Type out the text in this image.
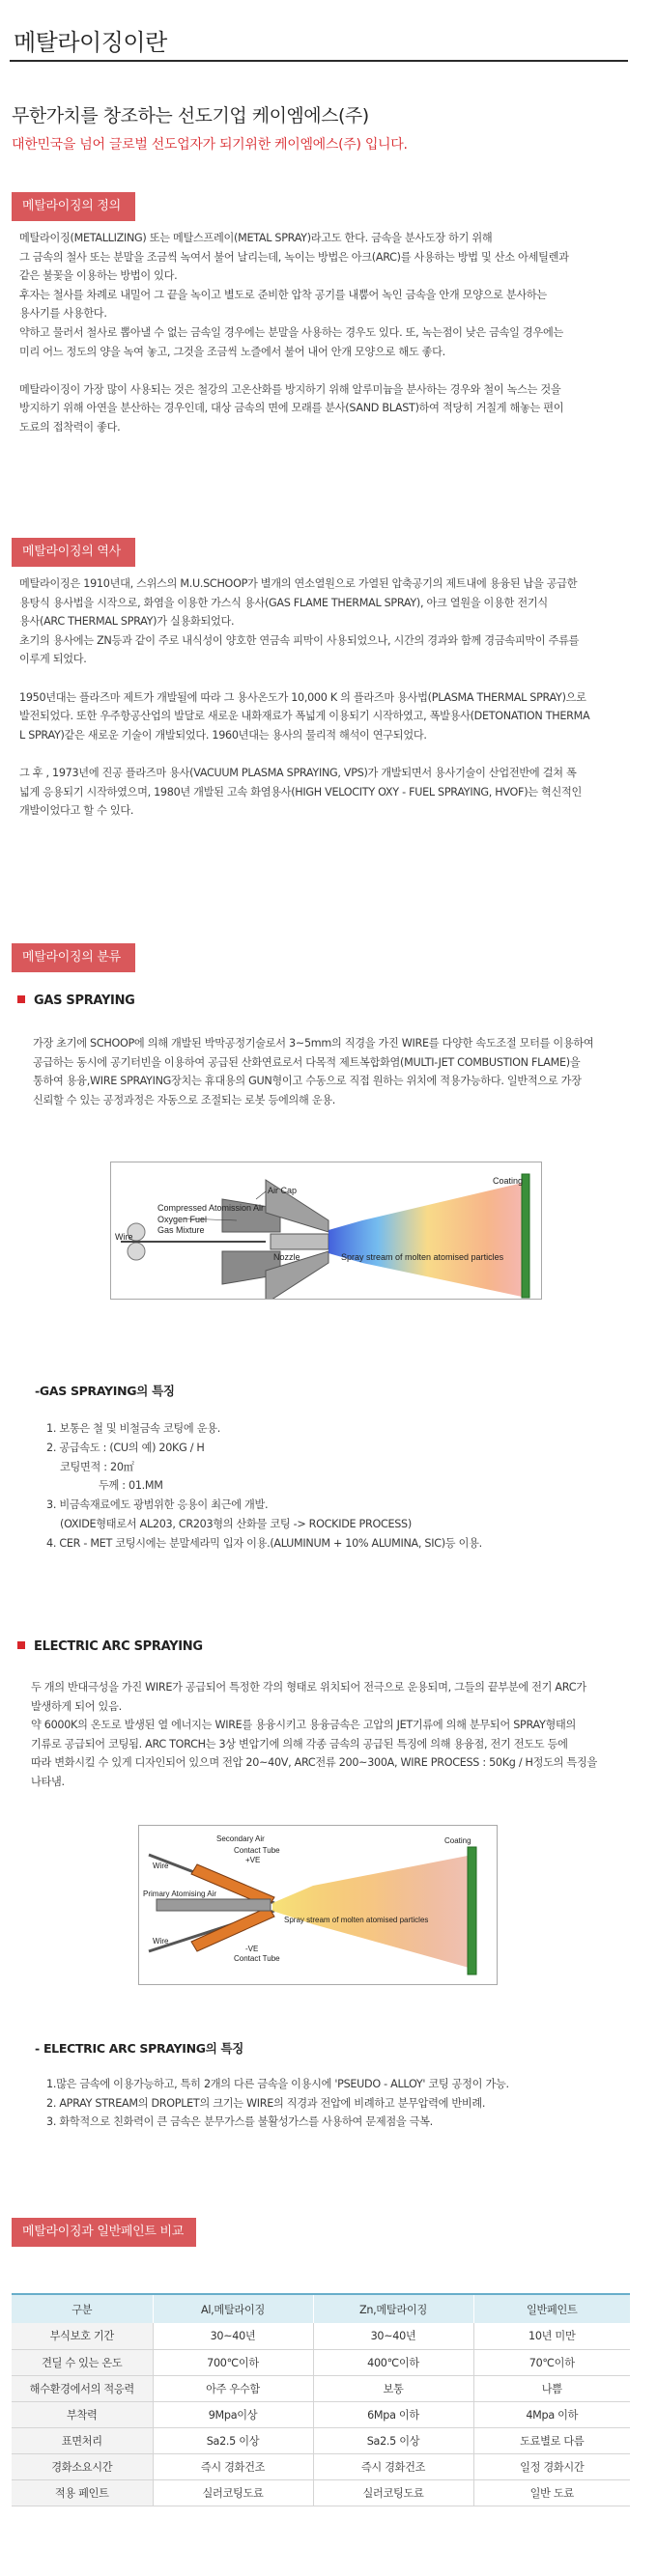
메탈라이징이란
무한가치를 창조하는 선도기업 케이엠에스(주)
대한민국을 넘어 글로벌 선도업자가 되기위한 케이엠에스(주) 입니다.
메탈라이징의 정의

메탈라이징(METALLIZING) 또는 메탈스프레이(METAL SPRAY)라고도 한다. 금속을 분사도장 하기 위해

그 금속의 철사 또는 분말을 조금씩 녹여서 불어 날리는데, 녹이는 방법은 아크(ARC)를 사용하는 방법 및 산소 아세틸렌과

같은 불꽃을 이용하는 방법이 있다.

후자는 철사를 차례로 내밀어 그 끝을 녹이고 별도로 준비한 압착 공기를 내뿜어 녹인 금속을 안개 모양으로 분사하는

용사기를 사용한다.

약하고 물러서 철사로 뽑아낼 수 없는 금속일 경우에는 분말을 사용하는 경우도 있다. 또, 녹는점이 낮은 금속일 경우에는

미리 어느 정도의 양을 녹여 놓고, 그것을 조금씩 노즐에서 불어 내어 안개 모양으로 해도 좋다.

메탈라이징이 가장 많이 사용되는 것은 철강의 고온산화를 방지하기 위해 알루미늄을 분사하는 경우와 철이 녹스는 것을

방지하기 위해 아연을 분산하는 경우인데, 대상 금속의 면에 모래를 분사(SAND BLAST)하여 적당히 거칠게 해놓는 편이

도료의 접착력이 좋다.

메탈라이징의 역사

메탈라이징은 1910년대, 스위스의 M.U.SCHOOP가 별개의 연소열원으로 가열된 압축공기의 제트내에 용융된 납을 공급한

용탕식 용사법을 시작으로, 화염을 이용한 가스식 용사(GAS FLAME THERMAL SPRAY), 아크 열원을 이용한 전기식

용사(ARC THERMAL SPRAY)가 실용화되었다.

초기의 용사에는 ZN등과 같이 주로 내식성이 양호한 연금속 피막이 사용되었으나, 시간의 경과와 함께 경금속피막이 주류를

이루게 되었다.

1950년대는 플라즈마 제트가 개발될에 따라 그 용사온도가 10,000 K 의 플라즈마 용사법(PLASMA THERMAL SPRAY)으로

발전되었다. 또한 우주항공산업의 발달로 새로운 내화재료가 폭넓게 이용되기 시작하였고, 폭발용사(DETONATION THERMA

L SPRAY)같은 새로운 기술이 개발되었다. 1960년대는 용사의 물리적 해석이 연구되었다.

그 후 , 1973년에 진공 플라즈마 용사(VACUUM PLASMA SPRAYING, VPS)가 개발되면서 용사기술이 산업전반에 걸쳐 폭

넓게 응용되기 시작하였으며, 1980년 개발된 고속 화염용사(HIGH VELOCITY OXY - FUEL SPRAYING, HVOF)는 혁신적인

개발이었다고 할 수 있다.

메탈라이징의 분류
GAS SPRAYING

가장 초기에 SCHOOP에 의해 개발된 박막공정기술로서 3~5mm의 직경을 가진 WIRE를 다양한 속도조절 모터를 이용하여

공급하는 동시에 공기터빈을 이용하여 공급된 산화연료로서 다목적 제트복합화염(MULTI-JET COMBUSTION FLAME)을

통하여 용융,WIRE SPRAYING장치는 휴대용의 GUN형이고 수동으로 직접 원하는 위치에 적용가능하다. 일반적으로 가장

신뢰할 수 있는 공정과정은 자동으로 조절되는 로봇 등에의해 운용.

Air Cap
Compressed Atomission Air
Oxygen Fuel
Gas Mixture
Wire
Nozzle
Coating
Spray stream of molten atomised particles
-GAS SPRAYING의 특징

1. 보통은 철 및 비철금속 코팅에 운용.

2. 공급속도 : (CU의 예) 20KG / H

코팅면적 : 20㎡

두께 : 01.MM

3. 비금속재료에도 광범위한 응용이 최근에 개발.

(OXIDE형태로서 AL203, CR203형의 산화물 코팅 -> ROCKIDE PROCESS)

4. CER - MET 코팅시에는 분말세라믹 입자 이용.(ALUMINUM + 10% ALUMINA, SIC)등 이용.

ELECTRIC ARC SPRAYING

두 개의 반대극성을 가진 WIRE가 공급되어 특정한 각의 형태로 위치되어 전극으로 운용되며, 그들의 끝부분에 전기 ARC가

발생하게 되어 있음.

약 6000K의 온도로 발생된 열 에너지는 WIRE를 용융시키고 용융금속은 고압의 JET기류에 의해 분무되어 SPRAY형태의

기류로 공급되어 코팅됨. ARC TORCH는 3상 변압기에 의해 각종 금속의 공급된 특징에 의해 용융점, 전기 전도도 등에

따라 변화시킬 수 있게 디자인되어 있으며 전압 20~40V, ARC전류 200~300A, WIRE PROCESS : 50Kg / H정도의 특징을

나타냄.

Secondary Air
Contact Tube
+VE
Wire
Primary Atomising Air
Wire
-VE
Contact Tube
Coating
Spray stream of molten atomised particles
- ELECTRIC ARC SPRAYING의 특징

1.많은 금속에 이용가능하고, 특히 2개의 다른 금속을 이용시에 'PSEUDO - ALLOY' 코팅 공정이 가능.

2. APRAY STREAM의 DROPLET의 크기는 WIRE의 직경과 전압에 비례하고 분무압력에 반비례.

3. 화학적으로 친화력이 큰 금속은 분무가스를 불활성가스를 사용하여 문제점을 극복.

메탈라이징과 일반페인트 비교
구분	Al,메탈라이징	Zn,메탈라이징	일반페인트
부식보호 기간	30~40년	30~40년	10년 미만
견딜 수 있는 온도	700℃이하	400℃이하	70℃이하
해수환경에서의 적응력	아주 우수함	보통	나쁨
부착력	9Mpa이상	6Mpa 이하	4Mpa 이하
표면처리	Sa2.5 이상	Sa2.5 이상	도료별로 다름
경화소요시간	즉시 경화건조	즉시 경화건조	일정 경화시간
적용 페인트	실러코팅도료	실러코팅도료	일반 도료
